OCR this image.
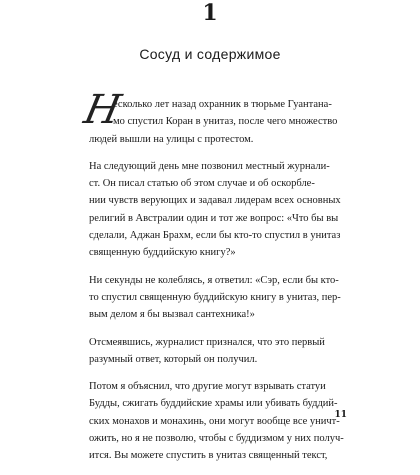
1
Сосуд и содержимое
Н
есколько лет назад охранник в тюрьме Гуантана-
мо спустил Коран в унитаз, после чего множество
людей вышли на улицы с протестом.
На следующий день мне позвонил местный журнали-
ст. Он писал статью об этом случае и об оскорбле-
нии чувств верующих и задавал лидерам всех основных
религий в Австралии один и тот же вопрос: «Что бы вы
сделали, Аджан Брахм, если бы кто-то спустил в унитаз
священную буддийскую книгу?»
Ни секунды не колеблясь, я ответил: «Сэр, если бы кто-
то спустил священную буддийскую книгу в унитаз, пер-
вым делом я бы вызвал сантехника!»
Отсмеявшись, журналист признался, что это первый
разумный ответ, который он получил.
Потом я объяснил, что другие могут взрывать статуи
Будды, сжигать буддийские храмы или убивать буддий-
ских монахов и монахинь, они могут вообще все уничт-
ожить, но я не позволю, чтобы с буддизмом у них получ-
ится. Вы можете спустить в унитаз священный текст,
11
